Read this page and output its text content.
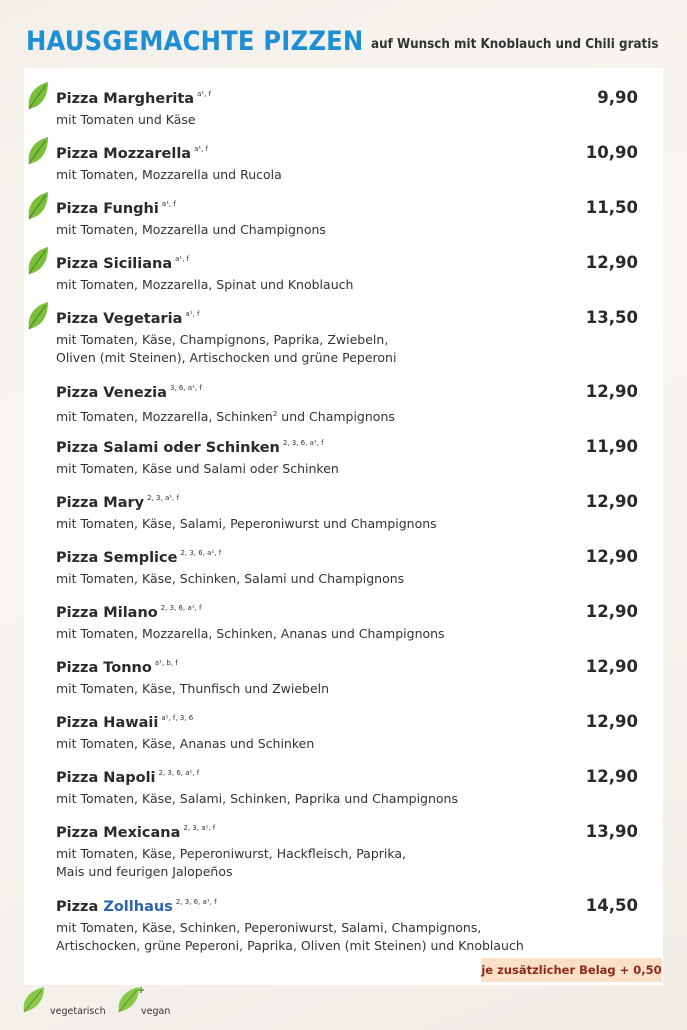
HAUSGEMACHTE PIZZEN auf Wunsch mit Knoblauch und Chili gratis
Pizza Margherita $^{a^1, f}$
mit Tomaten und Käse
9,90
Pizza Mozzarella $^{a^1, f}$
mit Tomaten, Mozzarella und Rucola
10,90
Pizza Funghi $^{a^1, f}$
mit Tomaten, Mozzarella und Champignons
11,50
Pizza Siciliana $^{a^1, f}$
mit Tomaten, Mozzarella, Spinat und Knoblauch
12,90
Pizza Vegetaria $^{a^1, f}$
mit Tomaten, Käse, Champignons, Paprika, Zwiebeln,
Oliven (mit Steinen), Artischocken und grüne Peperoni
13,50
Pizza Venezia $^{3, 6, a^1, f}$
mit Tomaten, Mozzarella, Schinken$^2$ und Champignons
12,90
Pizza Salami oder Schinken $^{2, 3, 6, a^1, f}$
mit Tomaten, Käse und Salami oder Schinken
11,90
Pizza Mary $^{2, 3, a^1, f}$
mit Tomaten, Käse, Salami, Peperoniwurst und Champignons
12,90
Pizza Semplice $^{2, 3, 6, a^1, f}$
mit Tomaten, Käse, Schinken, Salami und Champignons
12,90
Pizza Milano $^{2, 3, 6, a^1, f}$
mit Tomaten, Mozzarella, Schinken, Ananas und Champignons
12,90
Pizza Tonno $^{a^1, b, f}$
mit Tomaten, Käse, Thunfisch und Zwiebeln
12,90
Pizza Hawaii $^{a^1, f, 3, 6}$
mit Tomaten, Käse, Ananas und Schinken
12,90
Pizza Napoli $^{2, 3, 6, a^1, f}$
mit Tomaten, Käse, Salami, Schinken, Paprika und Champignons
12,90
Pizza Mexicana $^{2, 3, a^1, f}$
mit Tomaten, Käse, Peperoniwurst, Hackfleisch, Paprika,
Mais und feurigen Jalopeños
13,90
Pizza Zollhaus $^{2, 3, 6, a^1, f}$
mit Tomaten, Käse, Schinken, Peperoniwurst, Salami, Champignons,
Artischocken, grüne Peperoni, Paprika, Oliven (mit Steinen) und Knoblauch
14,50
je zusätzlicher Belag + 0,50
vegetarisch	vegan
